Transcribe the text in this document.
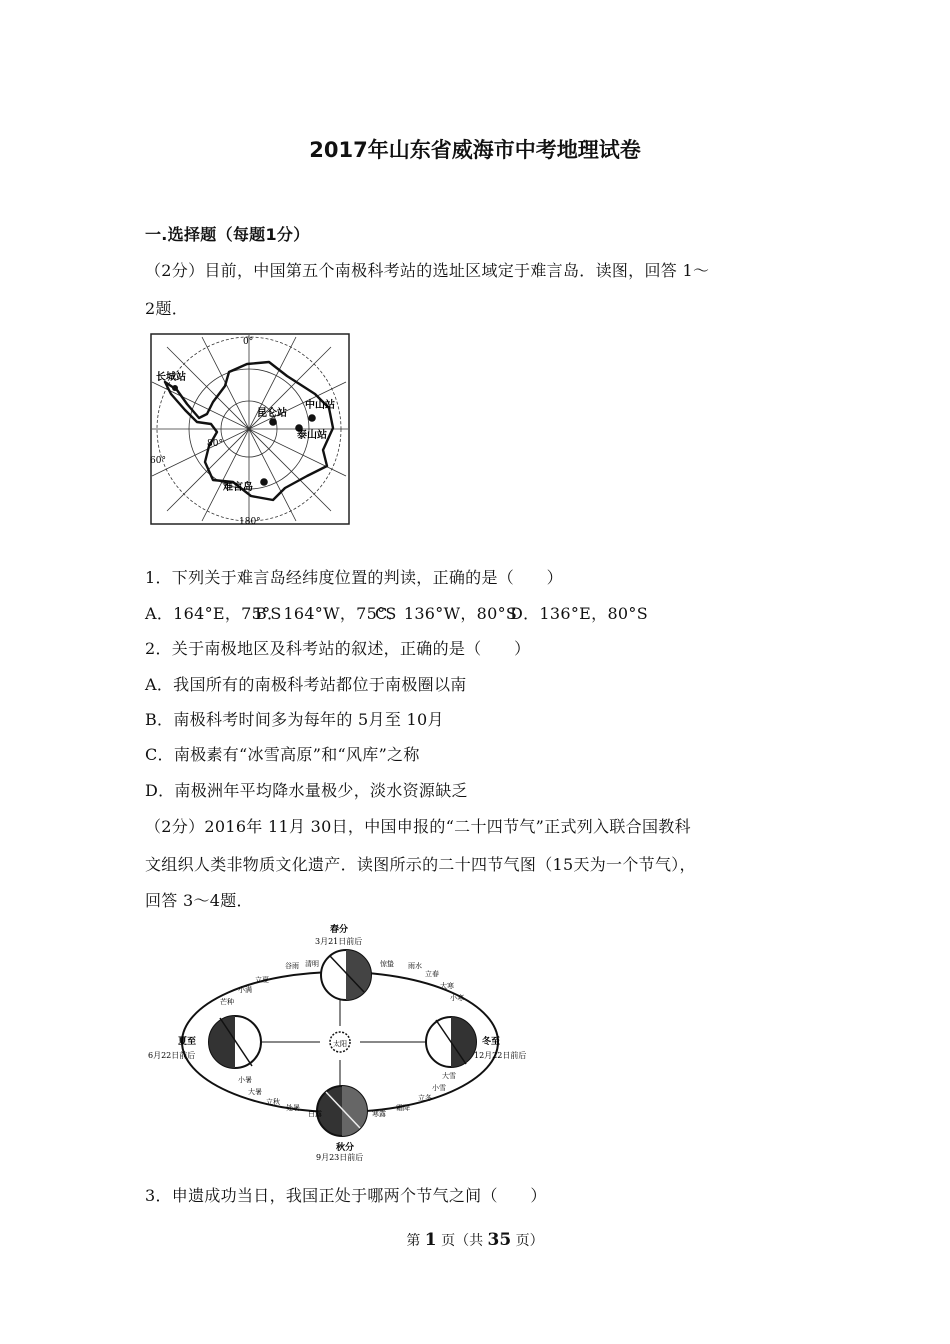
2017年山东省威海市中考地理试卷
一.选择题（每题1分）
（2分）目前，中国第五个南极科考站的选址区域定于难言岛．读图，回答 1～
2题．
0°
180°
80°
60°
长城站
昆仑站
中山站
泰山站
难言岛
1．下列关于难言岛经纬度位置的判读，正确的是（　　）
A．164°E，75°SB．164°W，75°SC．136°W，80°SD．136°E，80°S
2．关于南极地区及科考站的叙述，正确的是（　　）
A．我国所有的南极科考站都位于南极圈以南
B．南极科考时间多为每年的 5月至 10月
C．南极素有“冰雪高原”和“风库”之称
D．南极洲年平均降水量极少，淡水资源缺乏
（2分）2016年 11月 30日，中国申报的“二十四节气”正式列入联合国教科
文组织人类非物质文化遗产．读图所示的二十四节气图（15天为一个节气），
回答 3～4题．
太阳
春分
3月21日前后
夏至
6月22日前后
秋分
9月23日前后
冬至
12月22日前后
谷雨 清明
立夏
小满
芒种
惊蛰 雨水
立春
大寒
小寒
小暑
大暑
立秋
处暑
白露	寒露
霜降
立冬
小雪
大雪
3．申遗成功当日，我国正处于哪两个节气之间（　　）
第 1 页（共 35 页）
